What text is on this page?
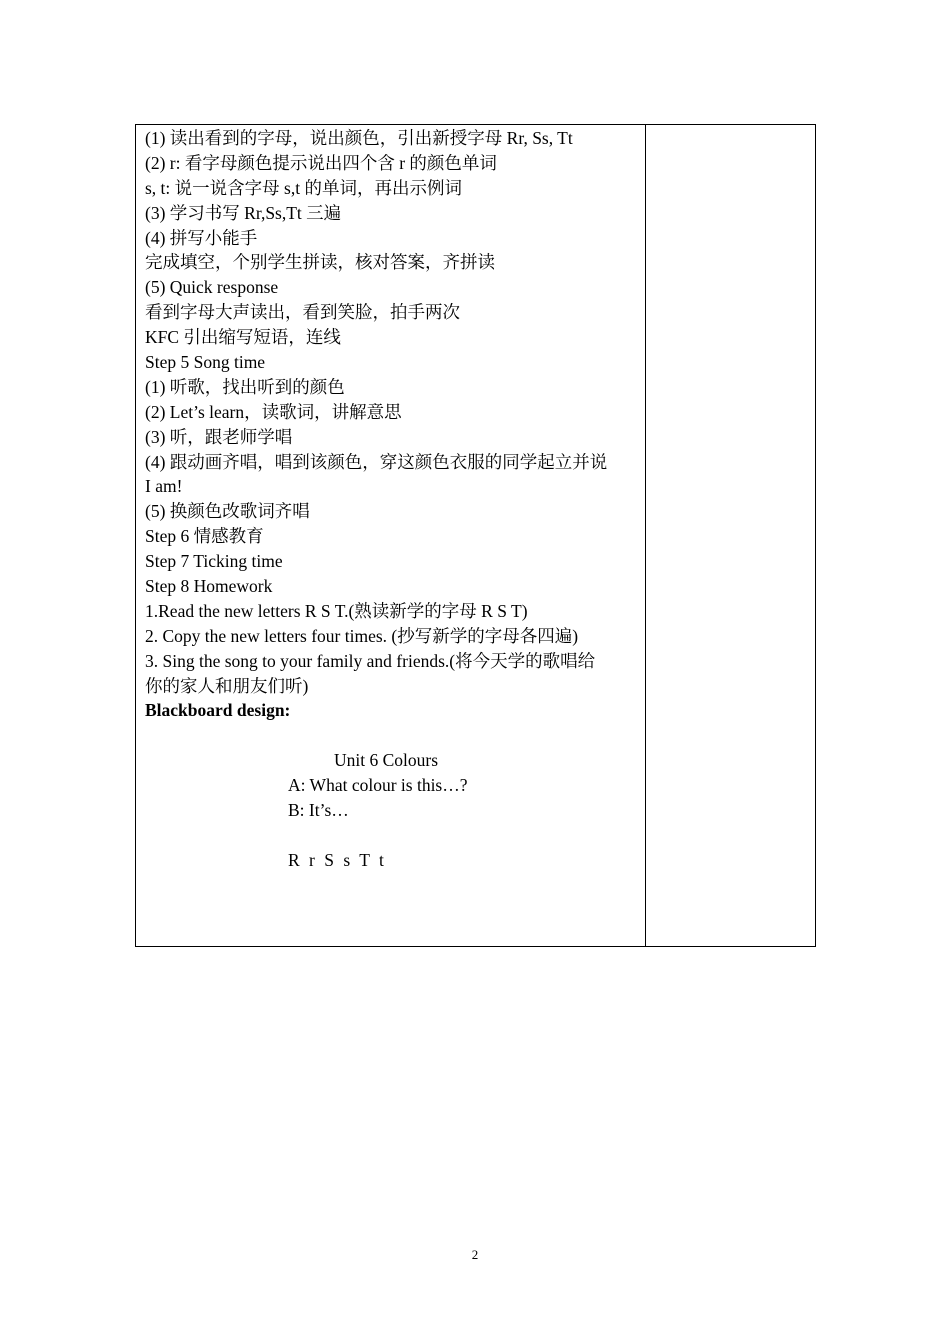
(1) 读出看到的字母，说出颜色，引出新授字母 Rr, Ss, Tt
(2) r: 看字母颜色提示说出四个含 r 的颜色单词
s, t: 说一说含字母 s,t 的单词，再出示例词
(3) 学习书写 Rr,Ss,Tt 三遍
(4) 拼写小能手
完成填空，个别学生拼读，核对答案，齐拼读
(5) Quick response
看到字母大声读出，看到笑脸，拍手两次
KFC 引出缩写短语，连线
Step 5 Song time
(1) 听歌，找出听到的颜色
(2) Let’s learn，读歌词，讲解意思
(3) 听，跟老师学唱
(4) 跟动画齐唱，唱到该颜色，穿这颜色衣服的同学起立并说
I am!
(5) 换颜色改歌词齐唱
Step 6 情感教育
Step 7 Ticking time
Step 8 Homework
1.Read the new letters R S T.(熟读新学的字母 R S T)
2. Copy the new letters four times. (抄写新学的字母各四遍)
3. Sing the song to your family and friends.(将今天学的歌唱给
你的家人和朋友们听)
Blackboard design:
Unit 6 Colours
A: What colour is this…?
B: It’s…
R r S s T t
2
